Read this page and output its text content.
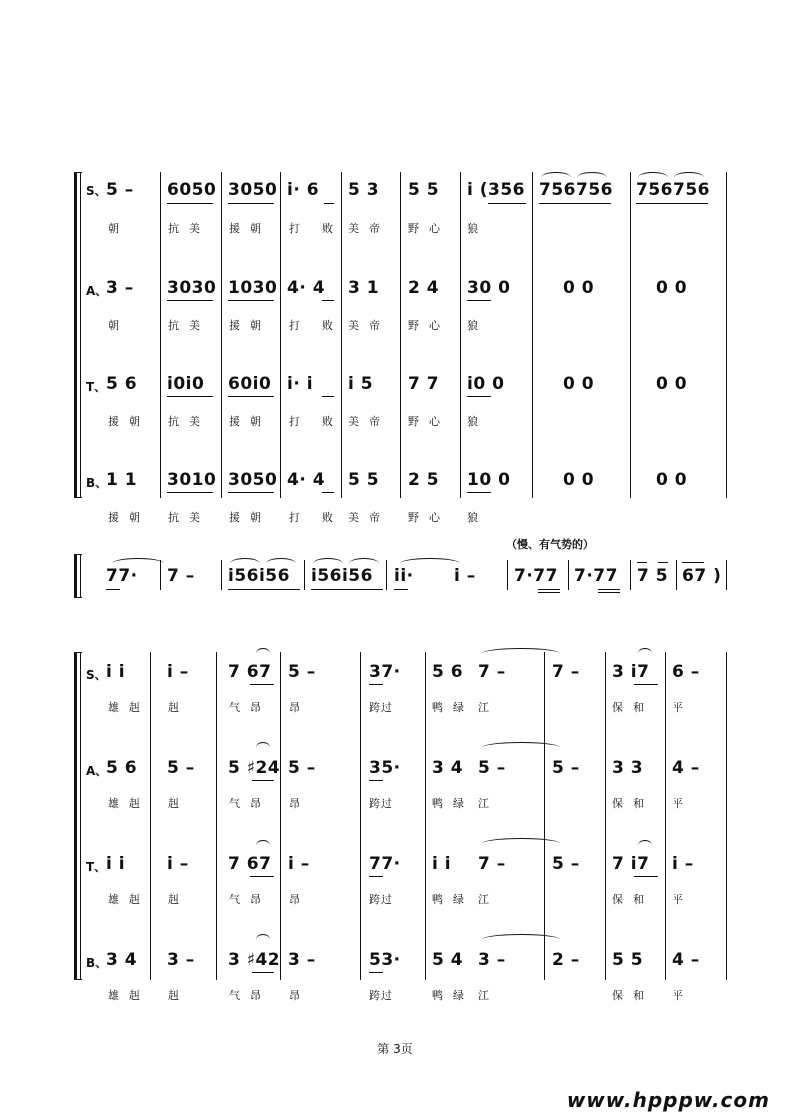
S、 5 – 6050 3050 i· 6 5 3 5 5 i (356 756756 756756
朝	抗美 援朝 打 败 美帝 野心 狼
A、
3 – 3030 1030 4· 4 3 1 2 4 30 0	0 0	0 0
朝	抗美 援朝 打 败 美帝 野心 狼
T、 5 6 i0i0 60i0 i· i i 5 7 7 i0 0	0 0	0 0
援朝 抗美 援朝 打 败 美帝 野心 狼
B、
1 1 3010 3050 4· 4 5 5 2 5 10 0	0 0	0 0
援朝 抗美 援朝 打 败 美帝 野心 狼
（慢、有气势的）
77· 7 – i56i56 i56i56 ii· i – 7·77 7·77 7 5 67 )
S、 i i i – 7 67 5 –	37· 5 6 7 –	7 – 3 i7 6 –
雄赳 赳	气昂 昂	跨过	鸭绿 江	保和 平
A、
5 6 5 – 5 ♯24 5 –	35· 3 4 5 –	5 – 3 3 4 –
雄赳 赳	气昂 昂	跨过	鸭绿 江	保和 平
T、 i i i – 7 67 i –	77· i i 7 –	5 – 7 i7 i –
雄赳 赳	气昂 昂	跨过	鸭绿 江	保和 平
B、
3 4 3 – 3 ♯42 3 –	53· 5 4 3 –	2 – 5 5 4 –
雄赳 赳	气昂 昂	跨过	鸭绿 江	保和 平
第 3页
www.hpppw.com
